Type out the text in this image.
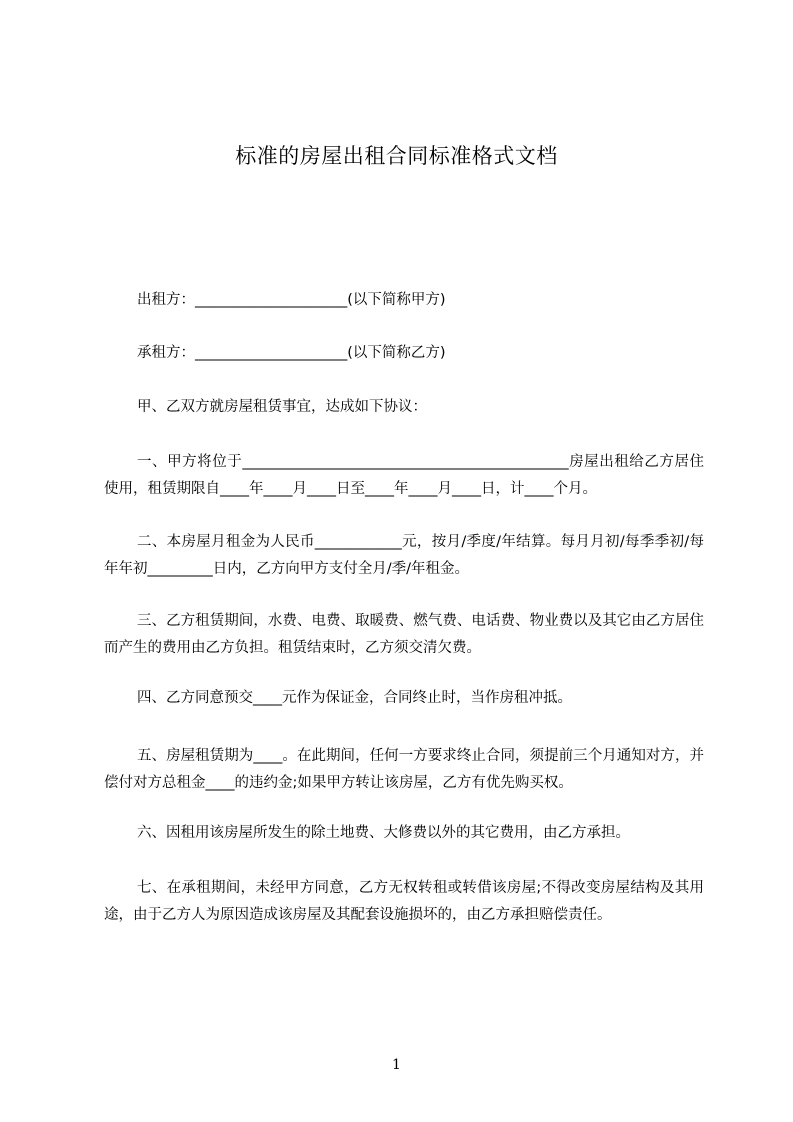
标准的房屋出租合同标准格式文档

出租方：_____________________(以下简称甲方)

承租方：_____________________(以下简称乙方)

甲、乙双方就房屋租赁事宜，达成如下协议：

一、甲方将位于_____________________________________________房屋出租给乙方居住使用，租赁期限自____年____月____日至____年____月____日，计____个月。

二、本房屋月租金为人民币____________元，按月/季度/年结算。每月月初/每季季初/每年年初_________日内，乙方向甲方支付全月/季/年租金。

三、乙方租赁期间，水费、电费、取暖费、燃气费、电话费、物业费以及其它由乙方居住而产生的费用由乙方负担。租赁结束时，乙方须交清欠费。

四、乙方同意预交____元作为保证金，合同终止时，当作房租冲抵。

五、房屋租赁期为____。在此期间，任何一方要求终止合同，须提前三个月通知对方，并偿付对方总租金____的违约金;如果甲方转让该房屋，乙方有优先购买权。

六、因租用该房屋所发生的除土地费、大修费以外的其它费用，由乙方承担。

七、在承租期间，未经甲方同意，乙方无权转租或转借该房屋;不得改变房屋结构及其用途，由于乙方人为原因造成该房屋及其配套设施损坏的，由乙方承担赔偿责任。

1
